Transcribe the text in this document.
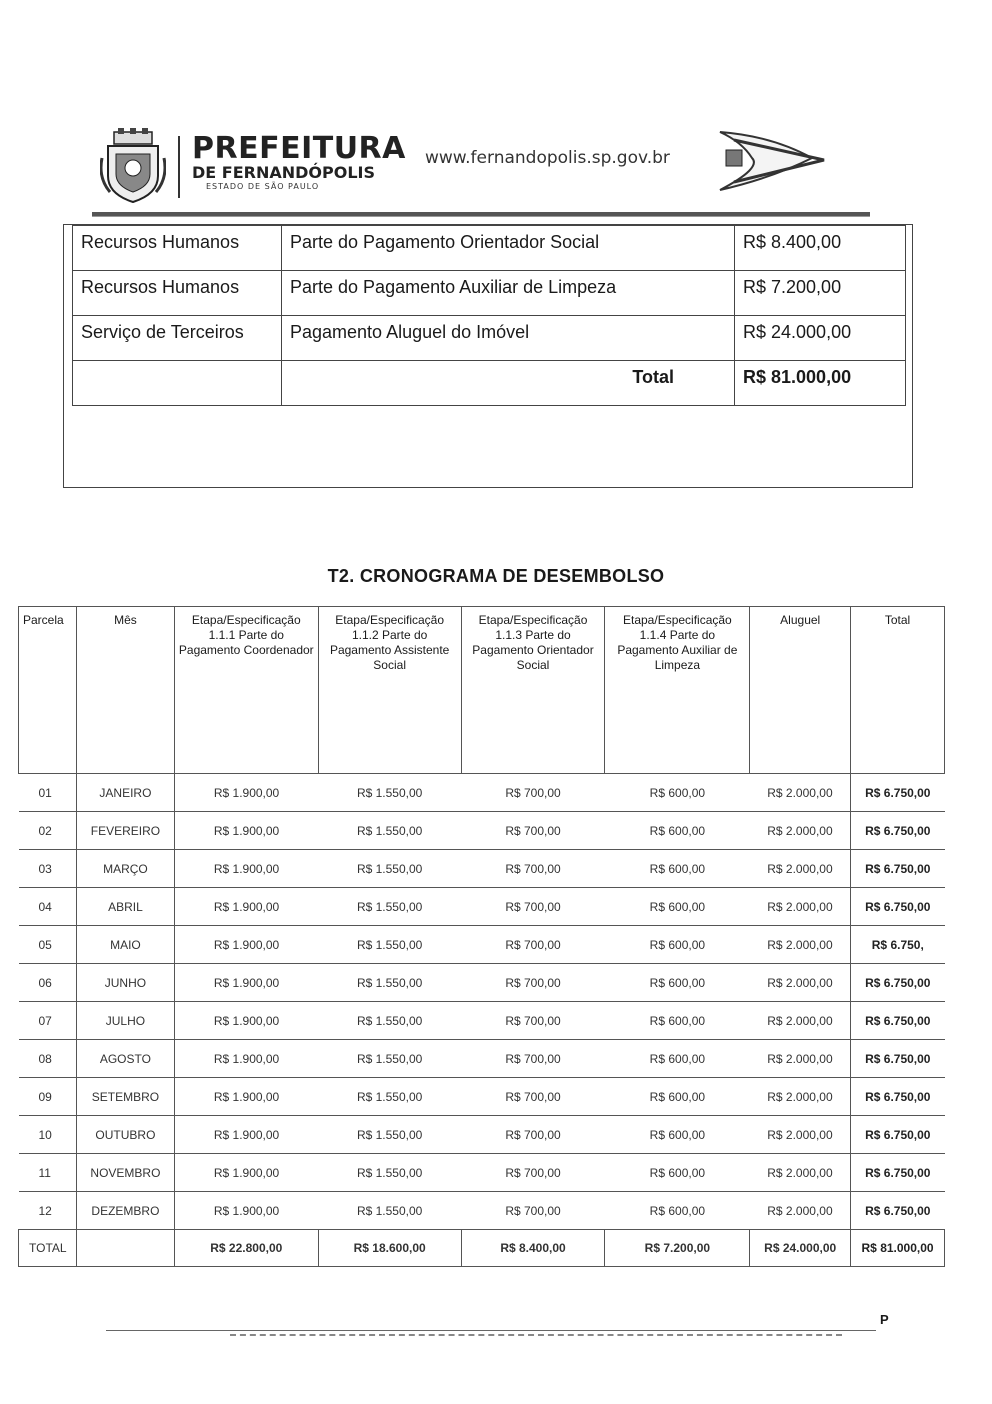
PREFEITURA
DE FERNANDÓPOLIS
ESTADO DE SÃO PAULO
www.fernandopolis.sp.gov.br
Recursos Humanos	Parte do Pagamento Orientador Social	R$ 8.400,00
Recursos Humanos	Parte do Pagamento Auxiliar de Limpeza	R$ 7.200,00
Serviço de Terceiros	Pagamento Aluguel do Imóvel	R$ 24.000,00
	Total	R$ 81.000,00
T2. CRONOGRAMA DE DESEMBOLSO
Parcela	Mês	Etapa/Especificação 1.1.1 Parte do Pagamento Coordenador	Etapa/Especificação 1.1.2 Parte do Pagamento Assistente Social	Etapa/Especificação 1.1.3 Parte do Pagamento Orientador Social	Etapa/Especificação 1.1.4 Parte do Pagamento Auxiliar de Limpeza	Aluguel	Total
01	JANEIRO	R$ 1.900,00	R$ 1.550,00	R$ 700,00	R$ 600,00	R$ 2.000,00	R$ 6.750,00
02	FEVEREIRO	R$ 1.900,00	R$ 1.550,00	R$ 700,00	R$ 600,00	R$ 2.000,00	R$ 6.750,00
03	MARÇO	R$ 1.900,00	R$ 1.550,00	R$ 700,00	R$ 600,00	R$ 2.000,00	R$ 6.750,00
04	ABRIL	R$ 1.900,00	R$ 1.550,00	R$ 700,00	R$ 600,00	R$ 2.000,00	R$ 6.750,00
05	MAIO	R$ 1.900,00	R$ 1.550,00	R$ 700,00	R$ 600,00	R$ 2.000,00	R$ 6.750,
06	JUNHO	R$ 1.900,00	R$ 1.550,00	R$ 700,00	R$ 600,00	R$ 2.000,00	R$ 6.750,00
07	JULHO	R$ 1.900,00	R$ 1.550,00	R$ 700,00	R$ 600,00	R$ 2.000,00	R$ 6.750,00
08	AGOSTO	R$ 1.900,00	R$ 1.550,00	R$ 700,00	R$ 600,00	R$ 2.000,00	R$ 6.750,00
09	SETEMBRO	R$ 1.900,00	R$ 1.550,00	R$ 700,00	R$ 600,00	R$ 2.000,00	R$ 6.750,00
10	OUTUBRO	R$ 1.900,00	R$ 1.550,00	R$ 700,00	R$ 600,00	R$ 2.000,00	R$ 6.750,00
11	NOVEMBRO	R$ 1.900,00	R$ 1.550,00	R$ 700,00	R$ 600,00	R$ 2.000,00	R$ 6.750,00
12	DEZEMBRO	R$ 1.900,00	R$ 1.550,00	R$ 700,00	R$ 600,00	R$ 2.000,00	R$ 6.750,00
TOTAL		R$ 22.800,00	R$ 18.600,00	R$ 8.400,00	R$ 7.200,00	R$ 24.000,00	R$ 81.000,00
P
